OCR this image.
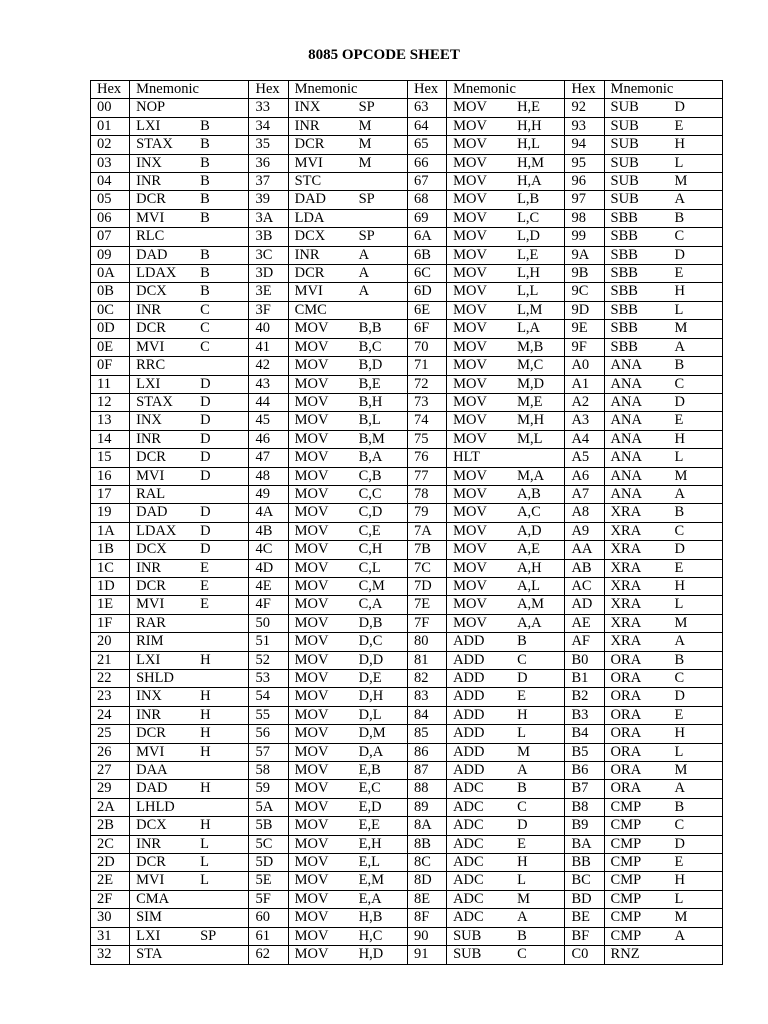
8085 OPCODE SHEET
Hex	Mnemonic	Hex	Mnemonic	Hex	Mnemonic	Hex	Mnemonic
00	NOP	33	INX SP	63	MOV H,E	92	SUB D
01	LXI B	34	INR M	64	MOV H,H	93	SUB E
02	STAX B	35	DCR M	65	MOV H,L	94	SUB H
03	INX B	36	MVI M	66	MOV H,M	95	SUB L
04	INR B	37	STC	67	MOV H,A	96	SUB M
05	DCR B	39	DAD SP	68	MOV L,B	97	SUB A
06	MVI B	3A	LDA	69	MOV L,C	98	SBB B
07	RLC	3B	DCX SP	6A	MOV L,D	99	SBB C
09	DAD B	3C	INR A	6B	MOV L,E	9A	SBB D
0A	LDAX B	3D	DCR A	6C	MOV L,H	9B	SBB E
0B	DCX B	3E	MVI A	6D	MOV L,L	9C	SBB H
0C	INR C	3F	CMC	6E	MOV L,M	9D	SBB L
0D	DCR C	40	MOV B,B	6F	MOV L,A	9E	SBB M
0E	MVI C	41	MOV B,C	70	MOV M,B	9F	SBB A
0F	RRC	42	MOV B,D	71	MOV M,C	A0	ANA B
11	LXI D	43	MOV B,E	72	MOV M,D	A1	ANA C
12	STAX D	44	MOV B,H	73	MOV M,E	A2	ANA D
13	INX D	45	MOV B,L	74	MOV M,H	A3	ANA E
14	INR D	46	MOV B,M	75	MOV M,L	A4	ANA H
15	DCR D	47	MOV B,A	76	HLT	A5	ANA L
16	MVI D	48	MOV C,B	77	MOV M,A	A6	ANA M
17	RAL	49	MOV C,C	78	MOV A,B	A7	ANA A
19	DAD D	4A	MOV C,D	79	MOV A,C	A8	XRA B
1A	LDAX D	4B	MOV C,E	7A	MOV A,D	A9	XRA C
1B	DCX D	4C	MOV C,H	7B	MOV A,E	AA	XRA D
1C	INR E	4D	MOV C,L	7C	MOV A,H	AB	XRA E
1D	DCR E	4E	MOV C,M	7D	MOV A,L	AC	XRA H
1E	MVI E	4F	MOV C,A	7E	MOV A,M	AD	XRA L
1F	RAR	50	MOV D,B	7F	MOV A,A	AE	XRA M
20	RIM	51	MOV D,C	80	ADD B	AF	XRA A
21	LXI H	52	MOV D,D	81	ADD C	B0	ORA B
22	SHLD	53	MOV D,E	82	ADD D	B1	ORA C
23	INX H	54	MOV D,H	83	ADD E	B2	ORA D
24	INR H	55	MOV D,L	84	ADD H	B3	ORA E
25	DCR H	56	MOV D,M	85	ADD L	B4	ORA H
26	MVI H	57	MOV D,A	86	ADD M	B5	ORA L
27	DAA	58	MOV E,B	87	ADD A	B6	ORA M
29	DAD H	59	MOV E,C	88	ADC B	B7	ORA A
2A	LHLD	5A	MOV E,D	89	ADC C	B8	CMP B
2B	DCX H	5B	MOV E,E	8A	ADC D	B9	CMP C
2C	INR L	5C	MOV E,H	8B	ADC E	BA	CMP D
2D	DCR L	5D	MOV E,L	8C	ADC H	BB	CMP E
2E	MVI L	5E	MOV E,M	8D	ADC L	BC	CMP H
2F	CMA	5F	MOV E,A	8E	ADC M	BD	CMP L
30	SIM	60	MOV H,B	8F	ADC A	BE	CMP M
31	LXI SP	61	MOV H,C	90	SUB B	BF	CMP A
32	STA	62	MOV H,D	91	SUB C	C0	RNZ
